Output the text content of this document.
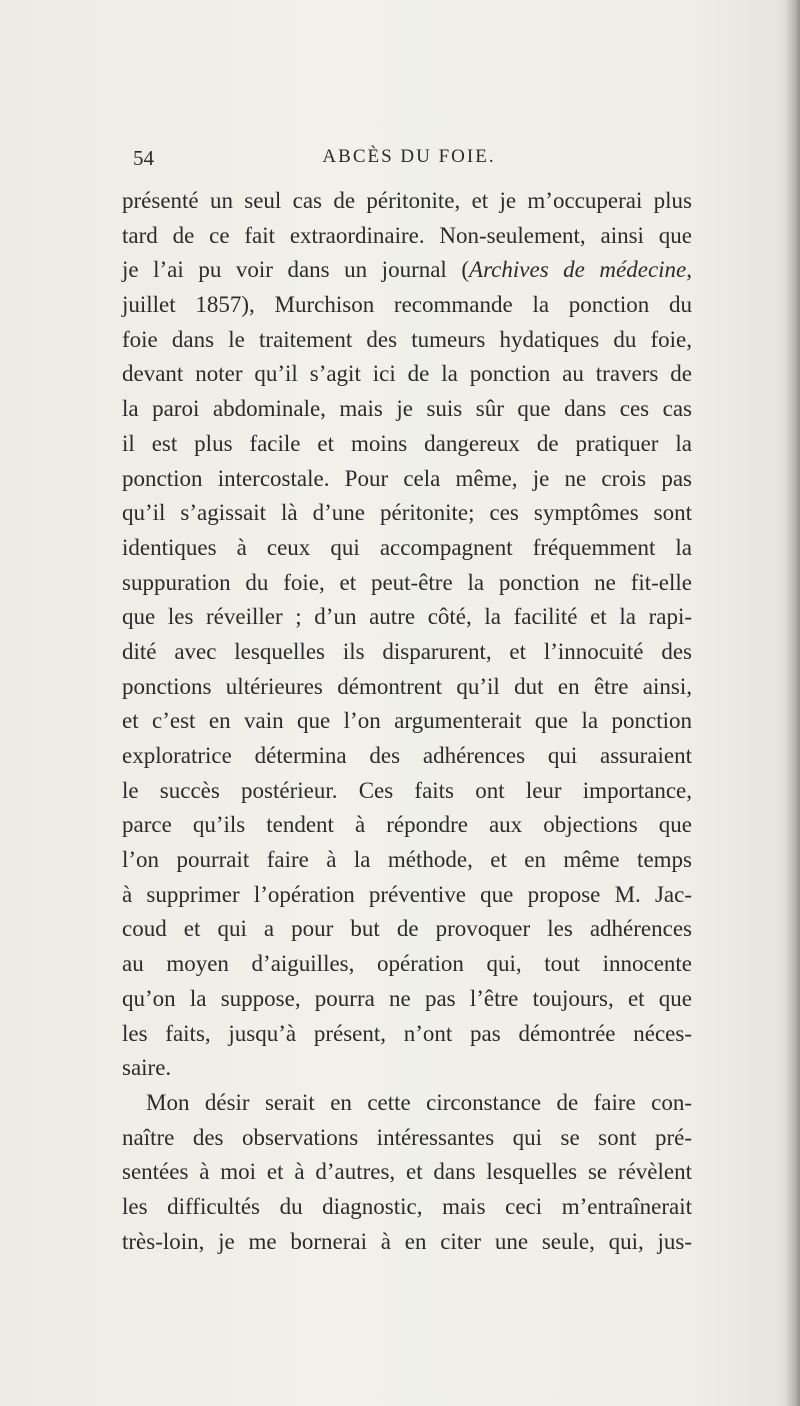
54	ABCÈS DU FOIE.
présenté un seul cas de péritonite, et je m’occuperai plus
tard de ce fait extraordinaire. Non-seulement, ainsi que
je l’ai pu voir dans un journal (Archives de médecine,
juillet 1857), Murchison recommande la ponction du
foie dans le traitement des tumeurs hydatiques du foie,
devant noter qu’il s’agit ici de la ponction au travers de
la paroi abdominale, mais je suis sûr que dans ces cas
il est plus facile et moins dangereux de pratiquer la
ponction intercostale. Pour cela même, je ne crois pas
qu’il s’agissait là d’une péritonite; ces symptômes sont
identiques à ceux qui accompagnent fréquemment la
suppuration du foie, et peut-être la ponction ne fit-elle
que les réveiller ; d’un autre côté, la facilité et la rapi-
dité avec lesquelles ils disparurent, et l’innocuité des
ponctions ultérieures démontrent qu’il dut en être ainsi,
et c’est en vain que l’on argumenterait que la ponction
exploratrice détermina des adhérences qui assuraient
le succès postérieur. Ces faits ont leur importance,
parce qu’ils tendent à répondre aux objections que
l’on pourrait faire à la méthode, et en même temps
à supprimer l’opération préventive que propose M. Jac-
coud et qui a pour but de provoquer les adhérences
au moyen d’aiguilles, opération qui, tout innocente
qu’on la suppose, pourra ne pas l’être toujours, et que
les faits, jusqu’à présent, n’ont pas démontrée néces-
saire.
Mon désir serait en cette circonstance de faire con-
naître des observations intéressantes qui se sont pré-
sentées à moi et à d’autres, et dans lesquelles se révèlent
les difficultés du diagnostic, mais ceci m’entraînerait
très-loin, je me bornerai à en citer une seule, qui, jus-
